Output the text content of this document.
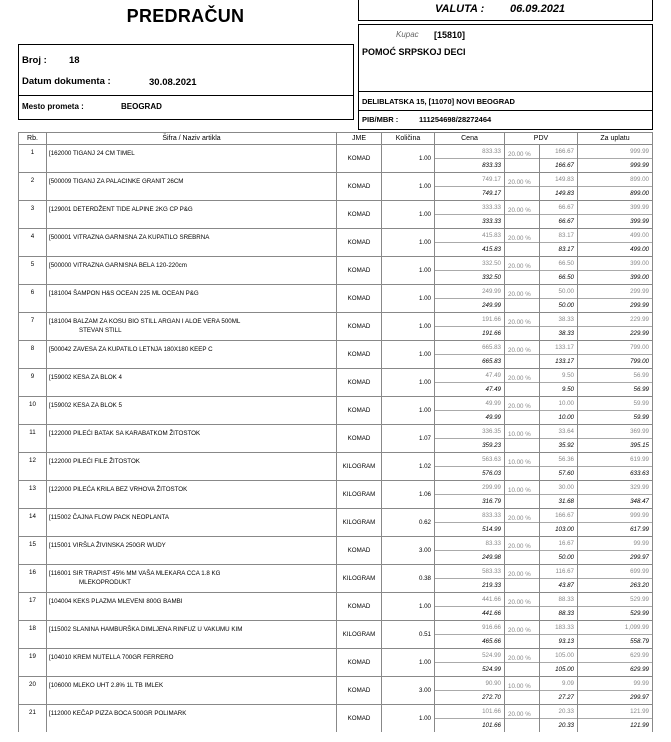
PREDRAČUN	VALUTA : 06.09.2021
Broj : 18
Datum dokumenta :	30.08.2021
Mesto prometa :	BEOGRAD
Kupac [15810]
POMOĆ SRPSKOJ DECI
DELIBLATSKA 15, [11070] NOVI BEOGRAD
PIB/MBR :	111254698/28272464
Rb.	Šifra / Naziv artikla	JME	Količina	Cena	PDV		Za uplatu
1	[162000 TIGANJ 24 CM TIMEL	KOMAD	1.00	833.33	20.00 %	166.67	999.99
				833.33		166.67	999.99
2	[500009 TIGANJ ZA PALACINKE GRANIT 26CM	KOMAD	1.00	749.17	20.00 %	149.83	899.00
				749.17		149.83	899.00
3	[129001 DETERDŽENT TIDE ALPINE 2KG CP P&G	KOMAD	1.00	333.33	20.00 %	66.67	399.99
				333.33		66.67	399.99
4	[500001 VITRAZNA GARNISNA ZA KUPATILO SREBRNA	KOMAD	1.00	415.83	20.00 %	83.17	499.00
				415.83		83.17	499.00
5	[500000 VITRAZNA GARNISNA BELA 120-220cm	KOMAD	1.00	332.50	20.00 %	66.50	399.00
				332.50		66.50	399.00
6	[181004 ŠAMPON H&S OCEAN 225 ML OCEAN P&G	KOMAD	1.00	249.99	20.00 %	50.00	299.99
				249.99		50.00	299.99
7	[181004 BALZAM ZA KOSU BIO STILL ARGAN I ALOE VERA 500ML
STEVAN STILL	KOMAD	1.00	191.66	20.00 %	38.33	229.99
				191.66		38.33	229.99
8	[500042 ZAVESA ZA KUPATILO LETNJA 180X180 KEEP C	KOMAD	1.00	665.83	20.00 %	133.17	799.00
				665.83		133.17	799.00
9	[159002 KESA ZA BLOK 4	KOMAD	1.00	47.49	20.00 %	9.50	56.99
				47.49		9.50	56.99
10	[159002 KESA ZA BLOK 5	KOMAD	1.00	49.99	20.00 %	10.00	59.99
				49.99		10.00	59.99
11	[122000 PILEĆI BATAK SA KARABATKOM ŽITOSTOK	KOMAD	1.07	336.35	10.00 %	33.64	369.99
				359.23		35.92	395.15
12	[122000 PILEĆI FILE ŽITOSTOK	KILOGRAM	1.02	563.63	10.00 %	56.36	619.99
				576.03		57.60	633.63
13	[122000 PILEĆA KRILA BEZ VRHOVA ŽITOSTOK	KILOGRAM	1.06	299.99	10.00 %	30.00	329.99
				316.79		31.68	348.47
14	[115002 ČAJNA FLOW PACK NEOPLANTA	KILOGRAM	0.62	833.33	20.00 %	166.67	999.99
				514.99		103.00	617.99
15	[115001 VIRŠLA ŽIVINSKA 250GR WUDY	KOMAD	3.00	83.33	20.00 %	16.67	99.99
				249.98		50.00	299.97
16	[116001 SIR TRAPIST 45% MM VAŠA MLEKARA CCA 1.8 KG
MLEKOPRODUKT	KILOGRAM	0.38	583.33	20.00 %	116.67	699.99
				219.33		43.87	263.20
17	[104004 KEKS PLAZMA MLEVENI 800G BAMBI	KOMAD	1.00	441.66	20.00 %	88.33	529.99
				441.66		88.33	529.99
18	[115002 SLANINA HAMBURŠKA DIMLJENA RINFUZ U VAKUMU KIM	KILOGRAM	0.51	916.66	20.00 %	183.33	1,099.99
				465.66		93.13	558.79
19	[104010 KREM NUTELLA 700GR FERRERO	KOMAD	1.00	524.99	20.00 %	105.00	629.99
				524.99		105.00	629.99
20	[106000 MLEKO UHT 2.8% 1L TB IMLEK	KOMAD	3.00	90.90	10.00 %	9.09	99.99
				272.70		27.27	299.97
21	[112000 KEČAP PIZZA BOCA 500GR POLIMARK	KOMAD	1.00	101.66	20.00 %	20.33	121.99
				101.66		20.33	121.99
